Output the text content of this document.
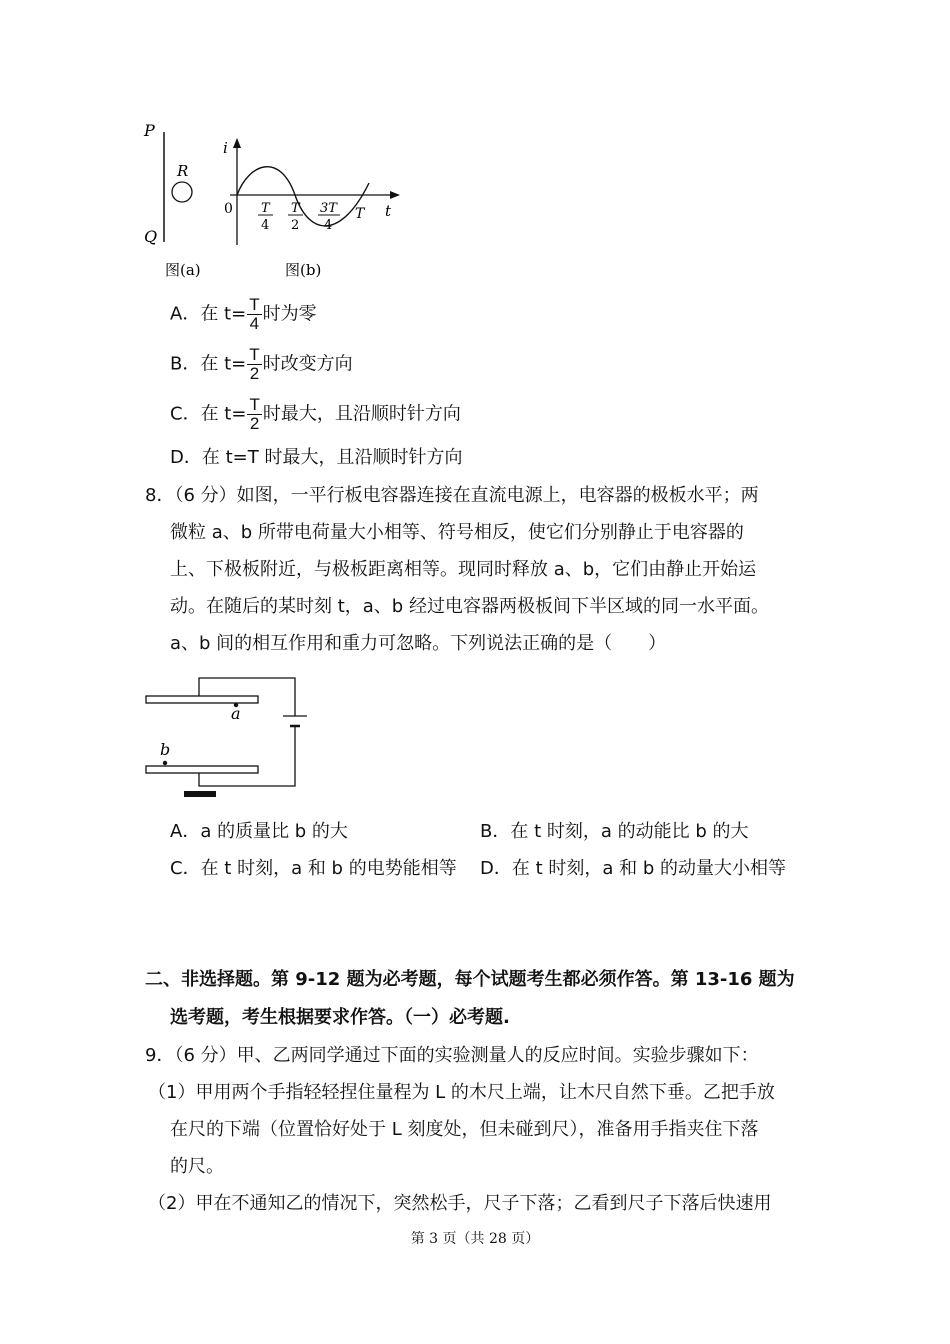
P
Q
R
i
t
0 T
4
T
2
3T
4
T
图(a)	图(b)
A．在 $t= \frac{T}{4}$ 时为零
B．在 $t= \frac{T}{2}$ 时改变方向
C．在 $t= \frac{T}{2}$ 时最大，且沿顺时针方向
D．在 t=T 时最大，且沿顺时针方向
8．（6 分）如图，一平行板电容器连接在直流电源上，电容器的极板水平；两
微粒 a、b 所带电荷量大小相等、符号相反，使它们分别静止于电容器的
上、下极板附近，与极板距离相等。现同时释放 a、b，它们由静止开始运
动。在随后的某时刻 t，a、b 经过电容器两极板间下半区域的同一水平面。
a、b 间的相互作用和重力可忽略。下列说法正确的是（　　）
a
b
A．a 的质量比 b 的大	B．在 t 时刻，a 的动能比 b 的大
C．在 t 时刻，a 和 b 的电势能相等 D．在 t 时刻，a 和 b 的动量大小相等
二、非选择题。第 9-12 题为必考题，每个试题考生都必须作答。第 13-16 题为
选考题，考生根据要求作答。（一）必考题.
9．（6 分）甲、乙两同学通过下面的实验测量人的反应时间。实验步骤如下：
（1）甲用两个手指轻轻捏住量程为 L 的木尺上端，让木尺自然下垂。乙把手放
在尺的下端（位置恰好处于 L 刻度处，但未碰到尺），准备用手指夹住下落
的尺。
（2）甲在不通知乙的情况下，突然松手，尺子下落；乙看到尺子下落后快速用
第 3 页（共 28 页）
